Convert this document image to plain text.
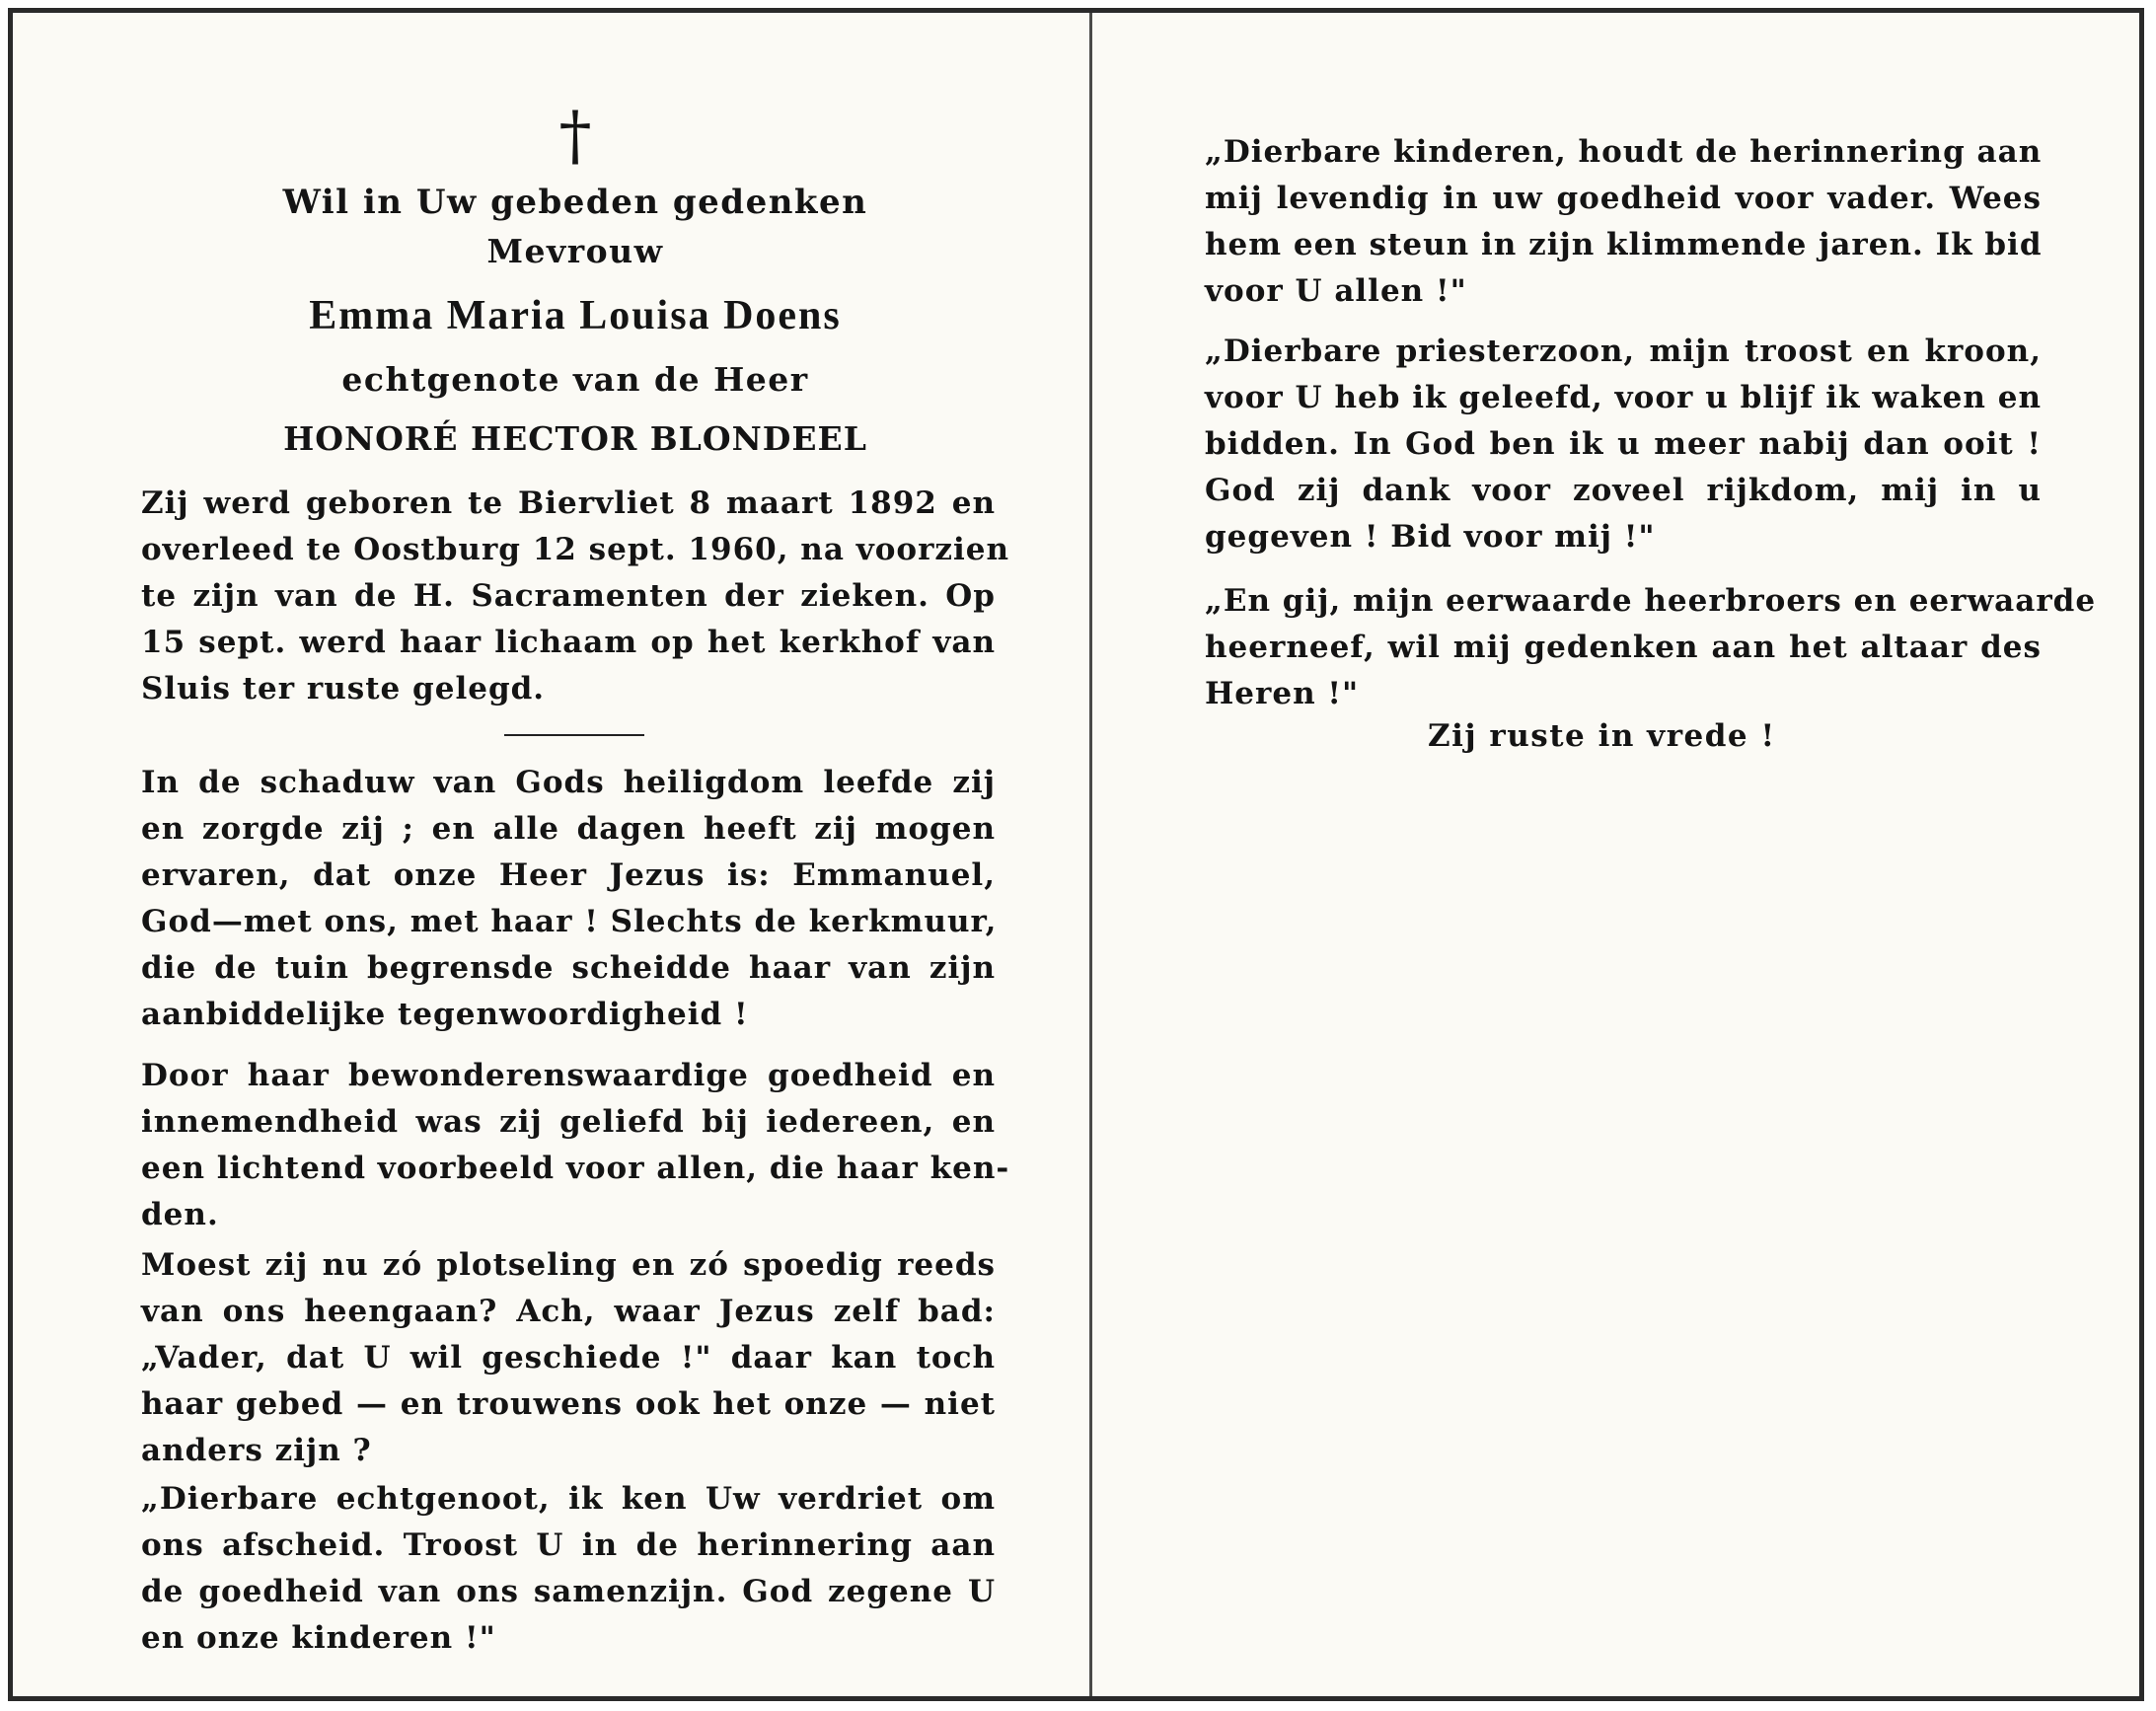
†
Wil in Uw gebeden gedenken
Mevrouw
Emma Maria Louisa Doens
echtgenote van de Heer
HONORÉ HECTOR BLONDEEL
Zij werd geboren te Biervliet 8 maart 1892 en
overleed te Oostburg 12 sept. 1960, na voorzien
te zijn van de H. Sacramenten der zieken. Op
15 sept. werd haar lichaam op het kerkhof van
Sluis ter ruste gelegd.
In de schaduw van Gods heiligdom leefde zij
en zorgde zij ; en alle dagen heeft zij mogen
ervaren, dat onze Heer Jezus is: Emmanuel,
God—met ons, met haar ! Slechts de kerkmuur,
die de tuin begrensde scheidde haar van zijn
aanbiddelijke tegenwoordigheid !
Door haar bewonderenswaardige goedheid en
innemendheid was zij geliefd bij iedereen, en
een lichtend voorbeeld voor allen, die haar ken-
den.
Moest zij nu zó plotseling en zó spoedig reeds
van ons heengaan? Ach, waar Jezus zelf bad:
„Vader, dat U wil geschiede !" daar kan toch
haar gebed — en trouwens ook het onze — niet
anders zijn ?
„Dierbare echtgenoot, ik ken Uw verdriet om
ons afscheid. Troost U in de herinnering aan
de goedheid van ons samenzijn. God zegene U
en onze kinderen !"
„Dierbare kinderen, houdt de herinnering aan
mij levendig in uw goedheid voor vader. Wees
hem een steun in zijn klimmende jaren. Ik bid
voor U allen !"
„Dierbare priesterzoon, mijn troost en kroon,
voor U heb ik geleefd, voor u blijf ik waken en
bidden. In God ben ik u meer nabij dan ooit !
God zij dank voor zoveel rijkdom, mij in u
gegeven ! Bid voor mij !"
„En gij, mijn eerwaarde heerbroers en eerwaarde
heerneef, wil mij gedenken aan het altaar des
Heren !"
Zij ruste in vrede !
